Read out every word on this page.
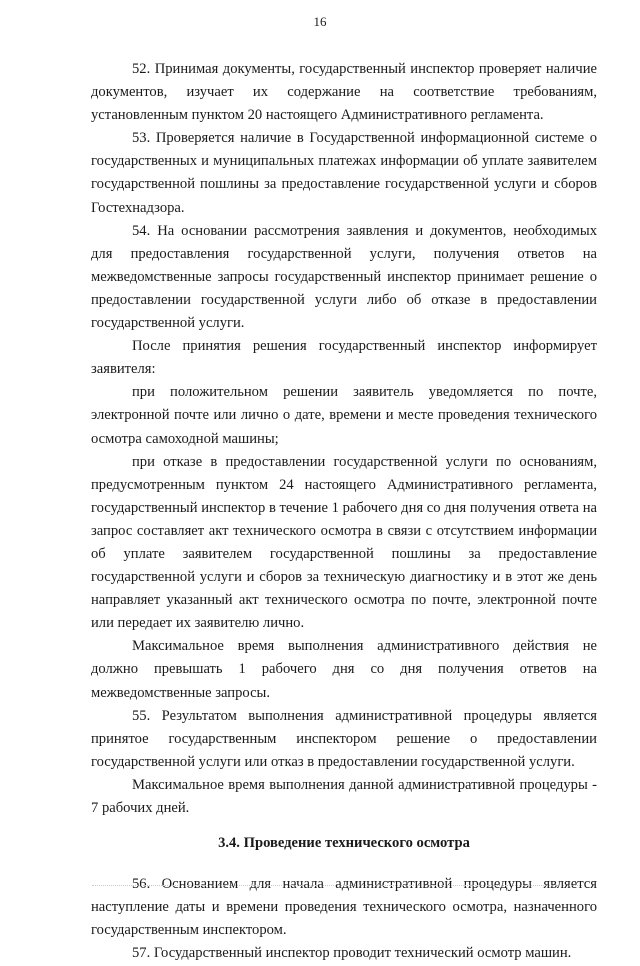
16

52. Принимая документы, государственный инспектор проверяет наличие документов, изучает их содержание на соответствие требованиям, установленным пунктом 20 настоящего Административного регламента.

53. Проверяется наличие в Государственной информационной системе о государственных и муниципальных платежах информации об уплате заявителем государственной пошлины за предоставление государственной услуги и сборов Гостехнадзора.

54. На основании рассмотрения заявления и документов, необходимых для предоставления государственной услуги, получения ответов на межведомственные запросы государственный инспектор принимает решение о предоставлении государственной услуги либо об отказе в предоставлении государственной услуги.

После принятия решения государственный инспектор информирует заявителя:

при положительном решении заявитель уведомляется по почте, электронной почте или лично о дате, времени и месте проведения технического осмотра самоходной машины;

при отказе в предоставлении государственной услуги по основаниям, предусмотренным пунктом 24 настоящего Административного регламента, государственный инспектор в течение 1 рабочего дня со дня получения ответа на запрос составляет акт технического осмотра в связи с отсутствием информации об уплате заявителем государственной пошлины за предоставление государственной услуги и сборов за техническую диагностику и в этот же день направляет указанный акт технического осмотра по почте, электронной почте или передает их заявителю лично.

Максимальное время выполнения административного действия не должно превышать 1 рабочего дня со дня получения ответов на межведомственные запросы.

55. Результатом выполнения административной процедуры является принятое государственным инспектором решение о предоставлении государственной услуги или отказ в предоставлении государственной услуги.

Максимальное время выполнения данной административной процедуры - 7 рабочих дней.

3.4. Проведение технического осмотра

56. Основанием для начала административной процедуры является наступление даты и времени проведения технического осмотра, назначенного государственным инспектором.

57. Государственный инспектор проводит технический осмотр машин.
